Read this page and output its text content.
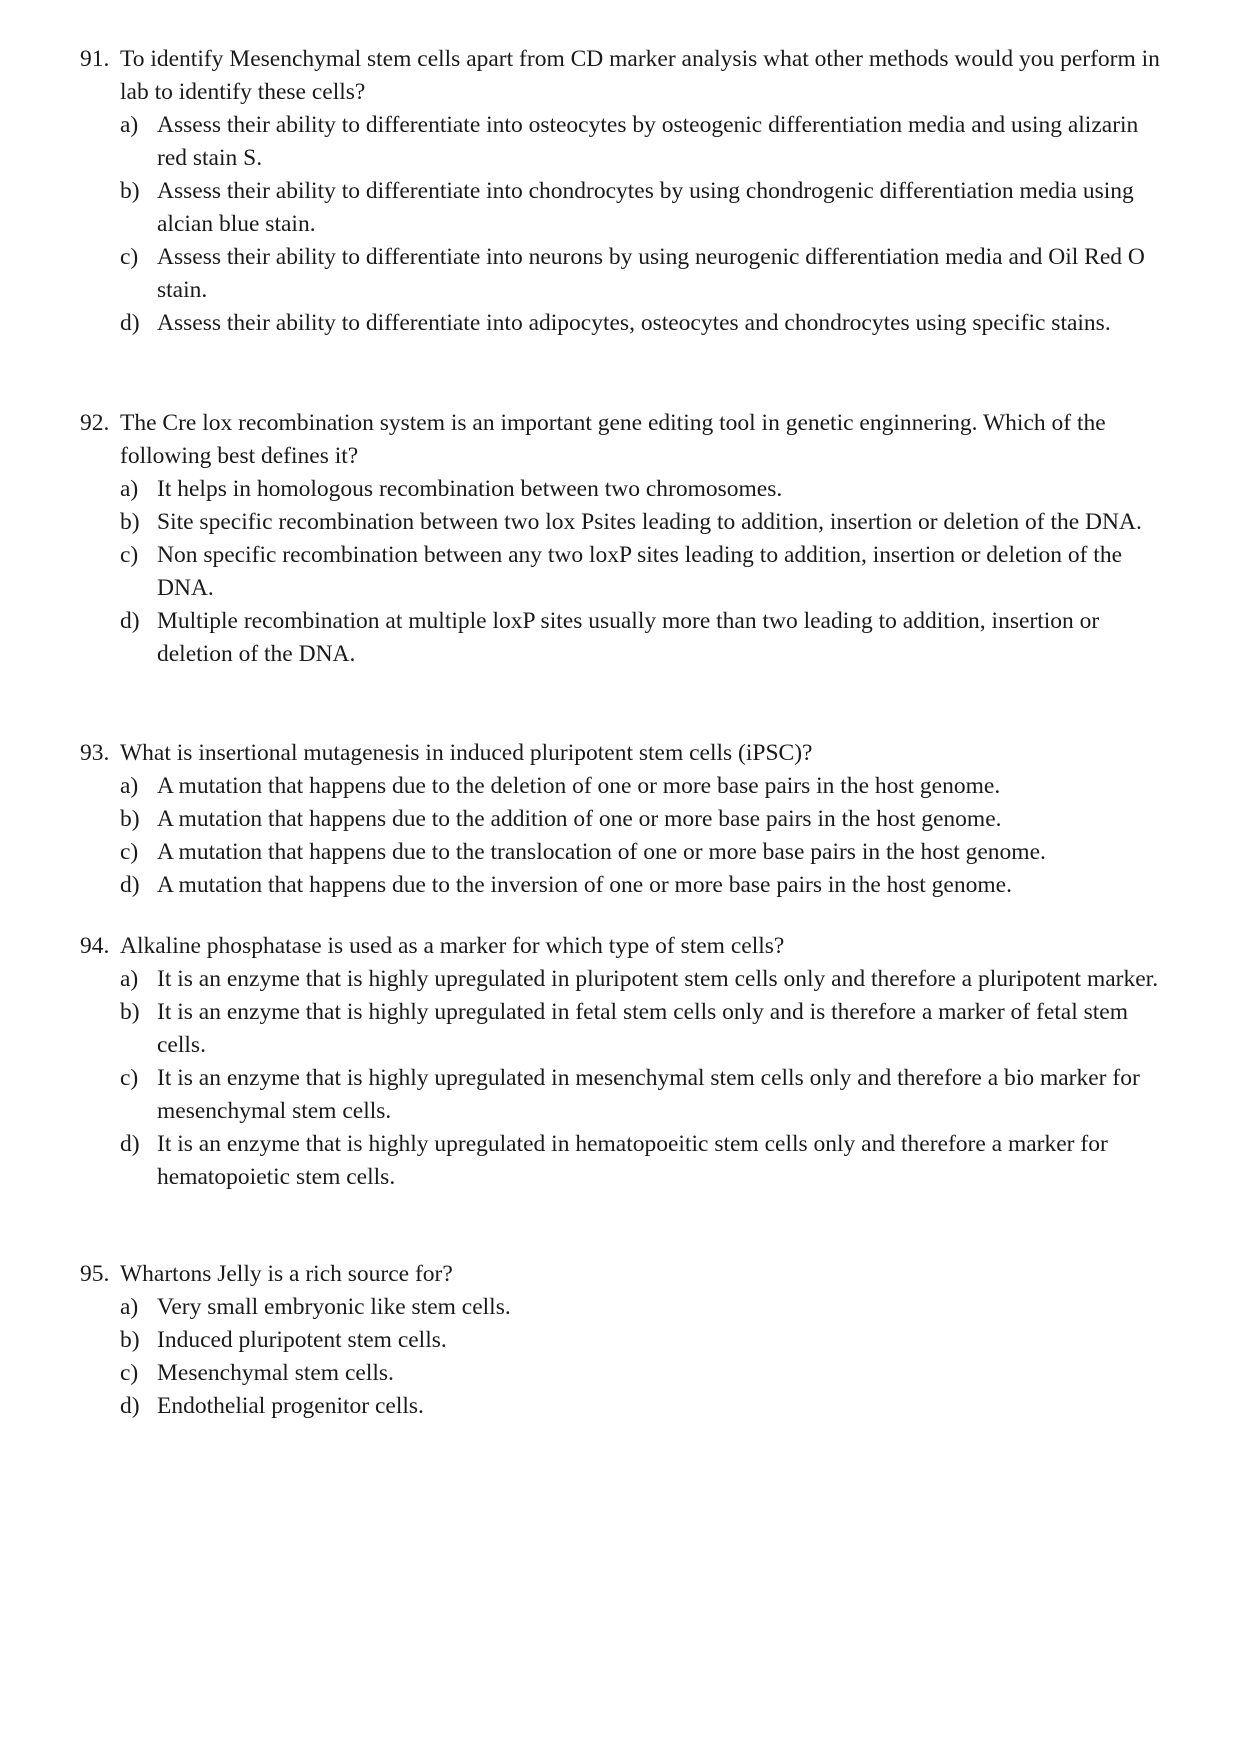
91. To identify Mesenchymal stem cells apart from CD marker analysis what other methods would you perform in lab to identify these cells?
a) Assess their ability to differentiate into osteocytes by osteogenic differentiation media and using alizarin red stain S.
b) Assess their ability to differentiate into chondrocytes by using chondrogenic differentiation media using alcian blue stain.
c) Assess their ability to differentiate into neurons by using neurogenic differentiation media and Oil Red O stain.
d) Assess their ability to differentiate into adipocytes, osteocytes and chondrocytes using specific stains.
92. The Cre lox recombination system is an important gene editing tool in genetic enginnering. Which of the following best defines it?
a) It helps in homologous recombination between two chromosomes.
b) Site specific recombination between two lox Psites leading to addition, insertion or deletion of the DNA.
c) Non specific recombination between any two loxP sites leading to addition, insertion or deletion of the DNA.
d) Multiple recombination at multiple loxP sites usually more than two leading to addition, insertion or deletion of the DNA.
93. What is insertional mutagenesis in induced pluripotent stem cells (iPSC)?
a) A mutation that happens due to the deletion of one or more base pairs in the host genome.
b) A mutation that happens due to the addition of one or more base pairs in the host genome.
c) A mutation that happens due to the translocation of one or more base pairs in the host genome.
d) A mutation that happens due to the inversion of one or more base pairs in the host genome.
94. Alkaline phosphatase is used as a marker for which type of stem cells?
a) It is an enzyme that is highly upregulated in pluripotent stem cells only and therefore a pluripotent marker.
b) It is an enzyme that is highly upregulated in fetal stem cells only and is therefore a marker of fetal stem cells.
c) It is an enzyme that is highly upregulated in mesenchymal stem cells only and therefore a bio marker for mesenchymal stem cells.
d) It is an enzyme that is highly upregulated in hematopoeitic stem cells only and therefore a marker for hematopoietic stem cells.
95. Whartons Jelly is a rich source for?
a) Very small embryonic like stem cells.
b) Induced pluripotent stem cells.
c) Mesenchymal stem cells.
d) Endothelial progenitor cells.
